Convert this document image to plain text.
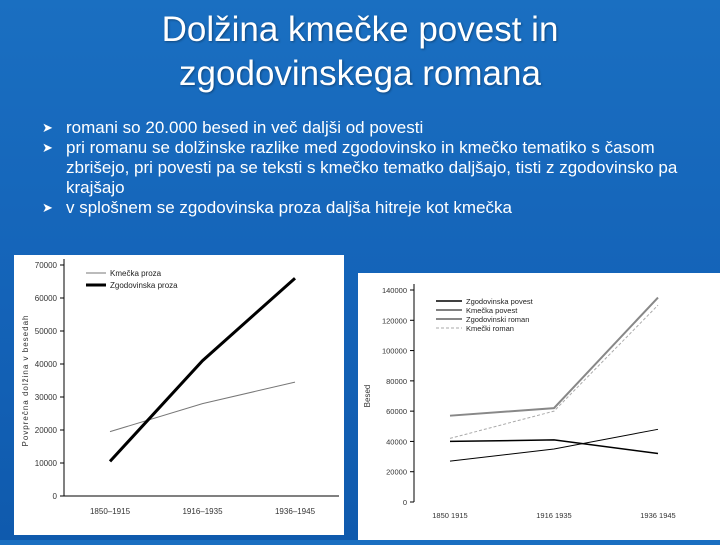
Dolžina kmečke povest in
zgodovinskega romana
➤ romani so 20.000 besed in več daljši od povesti
➤ pri romanu se dolžinske razlike med zgodovinsko in kmečko tematiko s časom zbrišejo, pri povesti pa se teksti s kmečko tematko daljšajo, tisti z zgodovinsko pa krajšajo
➤ v splošnem se zgodovinska proza daljša hitreje kot kmečka
0
10000
20000
30000
40000
50000
60000
70000
1850–1915	1916–1935	1936–1945
Povprečna dolžina v besedah
Kmečka proza
Zgodovinska proza
0
20000
40000
60000
80000
100000
120000
140000
1850 1915	1916 1935	1936 1945
Besed
Zgodovinska povest
Kmečka povest
Zgodovinski roman
Kmečki roman
